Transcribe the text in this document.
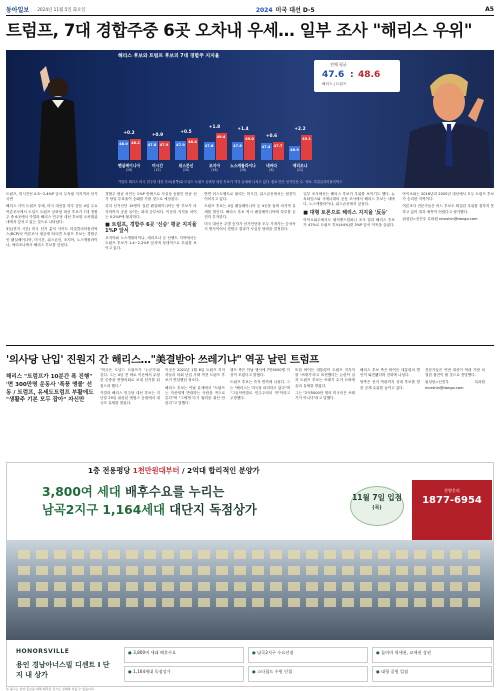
동아일보 2024년 11월 5일 화요일	2024 미국 대선 D-5	A5
트럼프, 7대 경합주중 6곳 오차내 우세… 일부 조사 "해리스 우위"
해리스 후보와 트럼프 후보의 7대 경합주 지지율
전체 평균
47.6 : 48.6
해리스 | 트럼프
48.0 48.2
+0.2
펜실베이니아
(19)
47.8 47.9
+0.9
미시간
(15)
47.9
48.4
+0.5
위스콘신
(10)
47.6
49.4
+1.8
조지아
(16)
47.6
49.0
+1.4
노스캐롤라이나
(16)
47.4 47.7
+0.6
네바다
(6)
46.9
49.1
+2.2
애리조나
(11)
카멀라 해리스 미국 민주당 대선 후보(왼쪽)와 도널드 트럼프 공화당 대선 후보가 각각 유세에 나서고 있다. 괄호 안은 선거인단 수. 자료: 리얼클리어폴리틱스

트럼프, 미시간선 0.5~2.4%P 앞서 두자릿 지지격차 선거 국면

해리스 사이 트럼프 우세, 미국 대선을 하루 앞둔 4일 주요 여론조사에서 도널드 트럼프 공화당 대선 후보가 7대 경합주 중 6곳에서 카멀라 해리스 민주당 대선 후보를 오차범위 내에서 앞서고 있는 것으로 나타났다.

3일(현지 시간) 미국 선거 분석 사이트 리얼클리어폴리틱스(RCP)의 여론조사 평균에 따르면 트럼프 후보는 경합주인 펜실베이니아, 미시간, 위스콘신, 조지아, 노스캐롤라이나, 애리조나에서 해리스 후보를 앞섰다.

경합주 평균 차이는 1%P 안팎으로 사실상 동률인 만큼 선거 당일 투표율이 승패를 가를 것으로 예상된다.

특히 선거인단 19명이 걸린 펜실베이니아는 양 후보가 마지막까지 공을 들이는 최대 승부처다. 이곳의 지지율 차이는 0.2%P에 불과하다.

■ 트럼프, 경합주 6곳 '신승' 평균 지지율 1%P 앞서

조지아와 노스캐롤라이나, 애리조나 등 선벨트 지역에서는 트럼프 후보가 1.4~2.2%P 앞서며 상대적으로 우위를 보이고 있다.

반면 러스트벨트로 불리는 미시간, 위스콘신에서는 접전이 이어지고 있다.

트럼프 후보는 4일 펜실베이니아 등 4곳을 돌며 마지막 유세를 벌인다. 해리스 후보 역시 펜실베이니아에 하루를 온전히 투자한다.

미국 대선은 주별 승자가 선거인단을 모두 가져가는 승자독식 방식이어서 경합주 결과가 사실상 당락을 결정한다.

일부 조사에서는 해리스 후보가 우위를 보이기도 했다. 뉴욕타임스와 시에나대의 공동 조사에서 해리스 후보는 네바다, 노스캐롤라이나, 위스콘신에서 앞섰다.

■ 대형 토론으로 해리스 지지율 '反등'

아이오와주에서도 셀저앤드컴퍼니 조사 결과 해리스 후보가 47%로 트럼프 후보(44%)를 3%P 앞서 이목을 끌었다.

아이오와는 2016년과 2020년 대선에서 모두 트럼프 후보가 승리한 지역이다.

여론조사 전문가들은 어느 후보도 확실한 우위를 점하지 못하고 있어 결과 예측이 어렵다고 평가했다.

워싱턴=신진우 특파원 niceshin@donga.com

'의사당 난입' 진원지 간 해리스…"美결받아 쓰레기냐" 역공 날린 트럼프
해리스 "트럼프가 10분간 폭 진행" '면 300만명 운동사 '폭풍 앵콜' 선동 / 트럼프, 유세도트럼프 부활에도 "생활주 기본 모두 잡아" 자신만

"미국은 도널드 트럼프가 '누군가'와 같다. 그는 4년 전 바로 이곳에서 무장한 군중을 연방의회로 보내 선거를 뒤집으려 했다."

카멀라 해리스 민주당 대선 후보는 지난달 29일 워싱턴 엘립스 공원에서 대규모 유세를 열었다.

이곳은 2021년 1월 6일 트럼프 지지자들의 의회 난입 사태 직전 트럼프 후보가 연설했던 장소다.

해리스 후보는 이날 유세에서 "트럼프는 자신에게 반대하는 사람을 적으로 본다"며 "그에게 다시 권력을 줘선 안 된다"고 말했다.

캠프 측은 이날 행사에 7만5000명 이상이 모였다고 밝혔다.

트럼프 후보는 즉각 반격에 나섰다. 그는 "해리스는 미국을 파괴하고 있다"며 "그들이야말로 민주주의의 적"이라고 주장했다.

또한 바이든 대통령이 트럼프 지지자를 '쓰레기'라고 표현했다는 논란이 일자 트럼프 후보는 쓰레기 수거 트럭에 올라 유세를 벌였다.

그는 "2억5000만 명의 미국인은 쓰레기가 아니다"라고 말했다.

해리스 후보 측은 바이든 대통령의 발언이 와전됐다며 진화에 나섰다.

양측은 선거 막판까지 상대 후보를 향한 공세 수위를 높이고 있다.

전문가들은 이번 대선이 역대 가장 치열한 접전이 될 것으로 전망했다.

워싱턴=신진우 특파원 niceshin@donga.com

1층 전용평당 1천만원대부터 / 2억대 합리적인 분양가
3,800여 세대 배후수요를 누리는
남곡2지구 1,164세대 대단지 독점상가
11월 7일 입점
(목)
분양문의
1877-6954
HONORSVILLE
용인 경남아너스빌 디센트 I 단지 내 상가
● 3,800여 세대 배후수요
● 1,164세대 독점상가
● 남곡2지구 수요선점
● 스타필드 수원 인접
● 돌아마 학세권, 교세권 상권
● 대형 공원 입점
본 광고는 분양 홍보를 위해 제작된 것으로 실제와 다를 수 있습니다.
